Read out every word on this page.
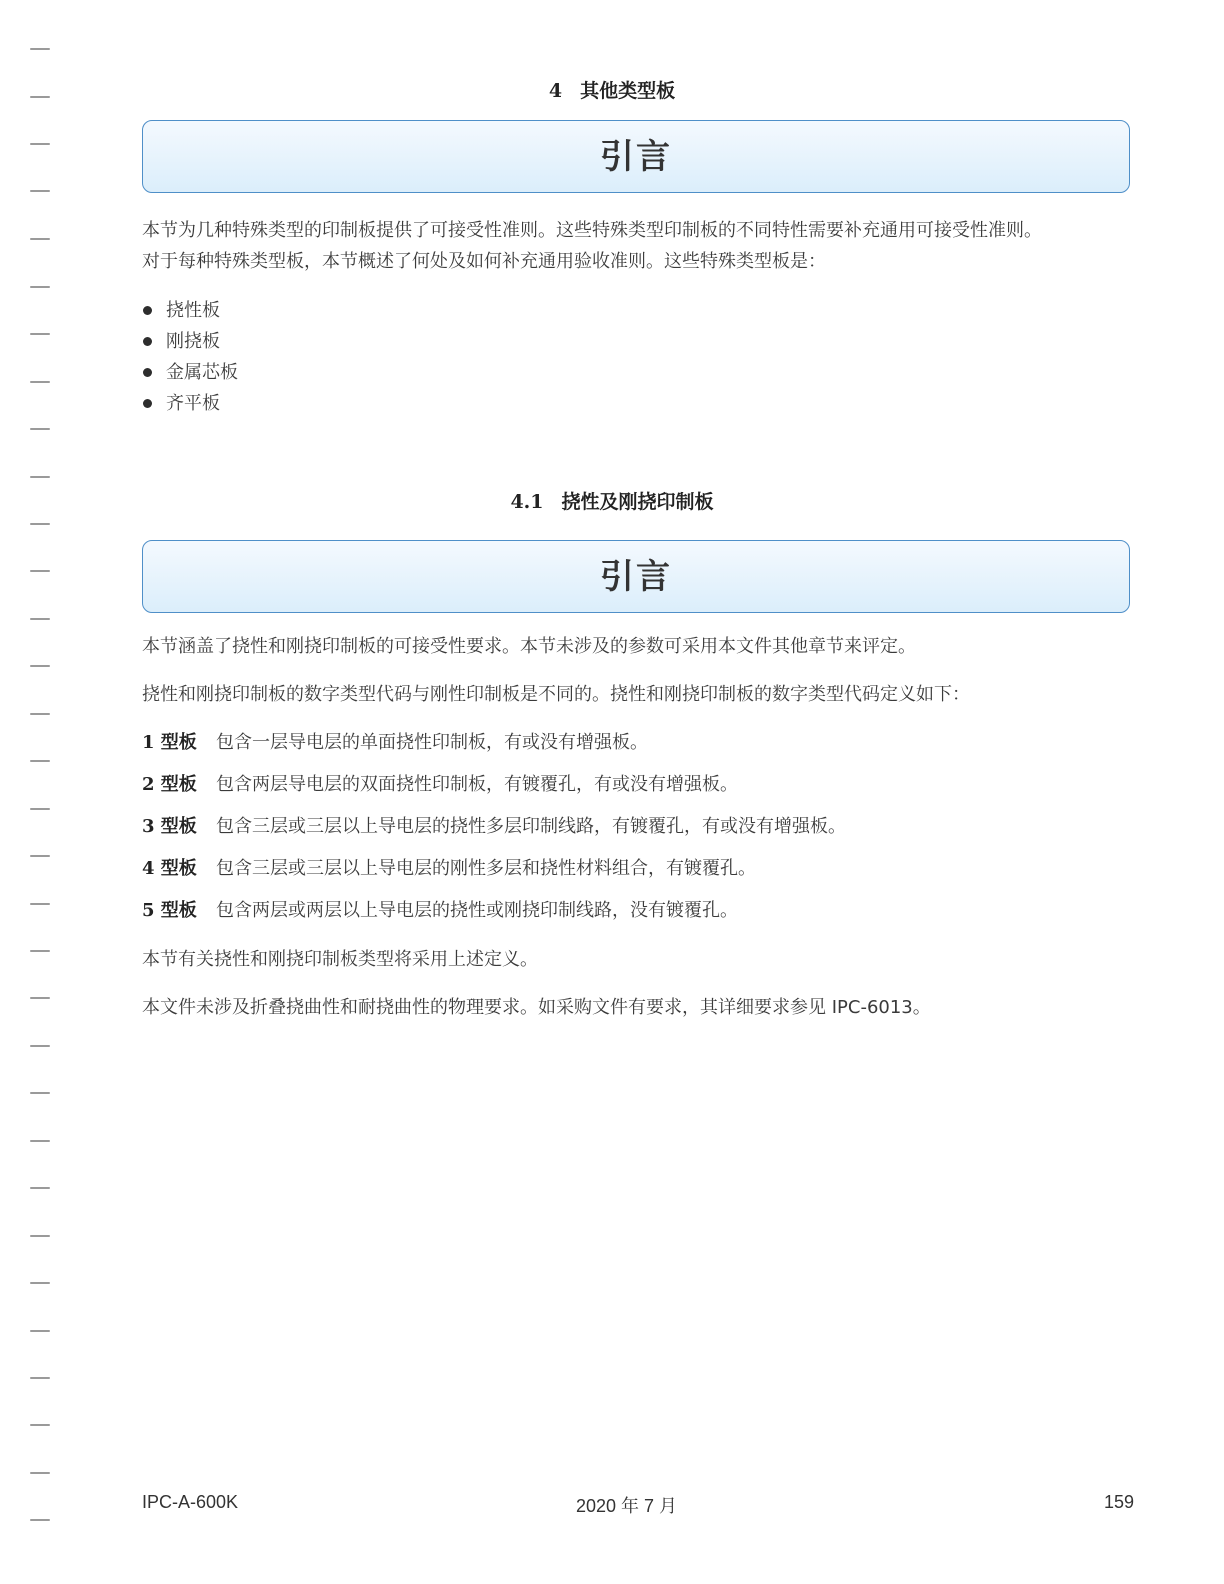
4 其他类型板
引言

本节为几种特殊类型的印制板提供了可接受性准则。这些特殊类型印制板的不同特性需要补充通用可接受性准则。

对于每种特殊类型板，本节概述了何处及如何补充通用验收准则。这些特殊类型板是：

挠性板
刚挠板
金属芯板
齐平板
4.1 挠性及刚挠印制板
引言

本节涵盖了挠性和刚挠印制板的可接受性要求。本节未涉及的参数可采用本文件其他章节来评定。

挠性和刚挠印制板的数字类型代码与刚性印制板是不同的。挠性和刚挠印制板的数字类型代码定义如下：

1 型板 包含一层导电层的单面挠性印制板，有或没有增强板。
2 型板 包含两层导电层的双面挠性印制板，有镀覆孔，有或没有增强板。
3 型板 包含三层或三层以上导电层的挠性多层印制线路，有镀覆孔，有或没有增强板。
4 型板 包含三层或三层以上导电层的刚性多层和挠性材料组合，有镀覆孔。
5 型板 包含两层或两层以上导电层的挠性或刚挠印制线路，没有镀覆孔。

本节有关挠性和刚挠印制板类型将采用上述定义。

本文件未涉及折叠挠曲性和耐挠曲性的物理要求。如采购文件有要求，其详细要求参见 IPC-6013。

IPC-A-600K	2020 年 7 月	159
